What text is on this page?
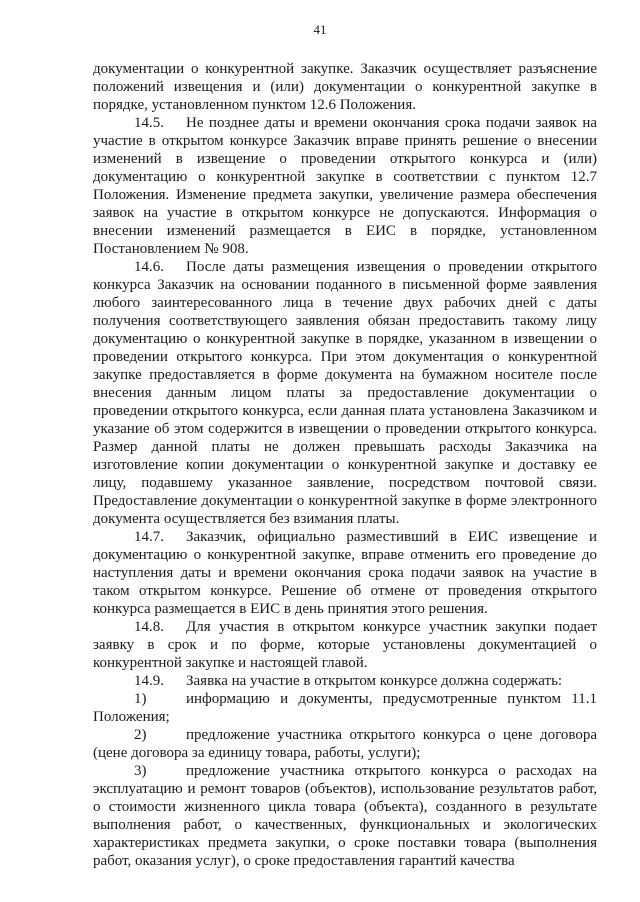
41

документации о конкурентной закупке. Заказчик осуществляет разъяснение положений извещения и (или) документации о конкурентной закупке в порядке, установленном пунктом 12.6 Положения.

14.5. Не позднее даты и времени окончания срока подачи заявок на участие в открытом конкурсе Заказчик вправе принять решение о внесении изменений в извещение о проведении открытого конкурса и (или) документацию о конкурентной закупке в соответствии с пунктом 12.7 Положения. Изменение предмета закупки, увеличение размера обеспечения заявок на участие в открытом конкурсе не допускаются. Информация о внесении изменений размещается в ЕИС в порядке, установленном Постановлением № 908.

14.6. После даты размещения извещения о проведении открытого конкурса Заказчик на основании поданного в письменной форме заявления любого заинтересованного лица в течение двух рабочих дней с даты получения соответствующего заявления обязан предоставить такому лицу документацию о конкурентной закупке в порядке, указанном в извещении о проведении открытого конкурса. При этом документация о конкурентной закупке предоставляется в форме документа на бумажном носителе после внесения данным лицом платы за предоставление документации о проведении открытого конкурса, если данная плата установлена Заказчиком и указание об этом содержится в извещении о проведении открытого конкурса. Размер данной платы не должен превышать расходы Заказчика на изготовление копии документации о конкурентной закупке и доставку ее лицу, подавшему указанное заявление, посредством почтовой связи. Предоставление документации о конкурентной закупке в форме электронного документа осуществляется без взимания платы.

14.7. Заказчик, официально разместивший в ЕИС извещение и документацию о конкурентной закупке, вправе отменить его проведение до наступления даты и времени окончания срока подачи заявок на участие в таком открытом конкурсе. Решение об отмене от проведения открытого конкурса размещается в ЕИС в день принятия этого решения.

14.8. Для участия в открытом конкурсе участник закупки подает заявку в срок и по форме, которые установлены документацией о конкурентной закупке и настоящей главой.

14.9. Заявка на участие в открытом конкурсе должна содержать:

1)	информацию и документы, предусмотренные пунктом 11.1 Положения;

2)	предложение участника открытого конкурса о цене договора (цене договора за единицу товара, работы, услуги);

3)	предложение участника открытого конкурса о расходах на эксплуатацию и ремонт товаров (объектов), использование результатов работ, о стоимости жизненного цикла товара (объекта), созданного в результате выполнения работ, о качественных, функциональных и экологических характеристиках предмета закупки, о сроке поставки товара (выполнения работ, оказания услуг), о сроке предоставления гарантий качества
